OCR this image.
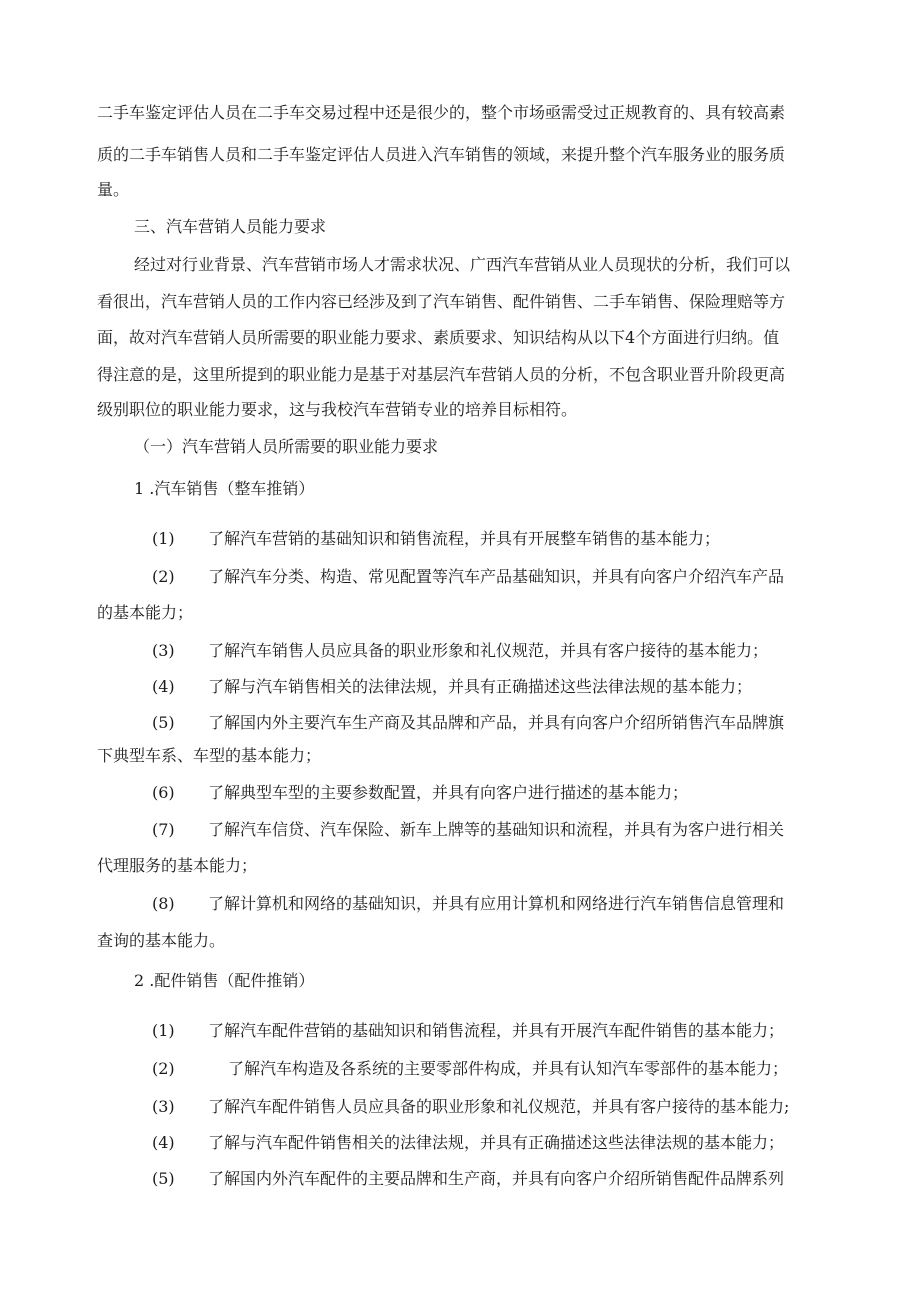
二手车鉴定评估人员在二手车交易过程中还是很少的，整个市场亟需受过正规教育的、具有较高素
质的二手车销售人员和二手车鉴定评估人员进入汽车销售的领域，来提升整个汽车服务业的服务质
量。
三、汽车营销人员能力要求
经过对行业背景、汽车营销市场人才需求状况、广西汽车营销从业人员现状的分析，我们可以
看很出，汽车营销人员的工作内容已经涉及到了汽车销售、配件销售、二手车销售、保险理赔等方
面，故对汽车营销人员所需要的职业能力要求、素质要求、知识结构从以下4个方面进行归纳。值
得注意的是，这里所提到的职业能力是基于对基层汽车营销人员的分析，不包含职业晋升阶段更高
级别职位的职业能力要求，这与我校汽车营销专业的培养目标相符。
（一）汽车营销人员所需要的职业能力要求
1 .汽车销售（整车推销）
(1) 了解汽车营销的基础知识和销售流程，并具有开展整车销售的基本能力；
(2) 了解汽车分类、构造、常见配置等汽车产品基础知识，并具有向客户介绍汽车产品
的基本能力；
(3) 了解汽车销售人员应具备的职业形象和礼仪规范，并具有客户接待的基本能力；
(4) 了解与汽车销售相关的法律法规，并具有正确描述这些法律法规的基本能力；
(5) 了解国内外主要汽车生产商及其品牌和产品，并具有向客户介绍所销售汽车品牌旗
下典型车系、车型的基本能力；
(6) 了解典型车型的主要参数配置，并具有向客户进行描述的基本能力；
(7) 了解汽车信贷、汽车保险、新车上牌等的基础知识和流程，并具有为客户进行相关
代理服务的基本能力；
(8) 了解计算机和网络的基础知识，并具有应用计算机和网络进行汽车销售信息管理和
查询的基本能力。
2 .配件销售（配件推销）
(1) 了解汽车配件营销的基础知识和销售流程，并具有开展汽车配件销售的基本能力；
(2)	了解汽车构造及各系统的主要零部件构成，并具有认知汽车零部件的基本能力；
(3) 了解汽车配件销售人员应具备的职业形象和礼仪规范，并具有客户接待的基本能力;
(4) 了解与汽车配件销售相关的法律法规，并具有正确描述这些法律法规的基本能力；
(5) 了解国内外汽车配件的主要品牌和生产商，并具有向客户介绍所销售配件品牌系列
